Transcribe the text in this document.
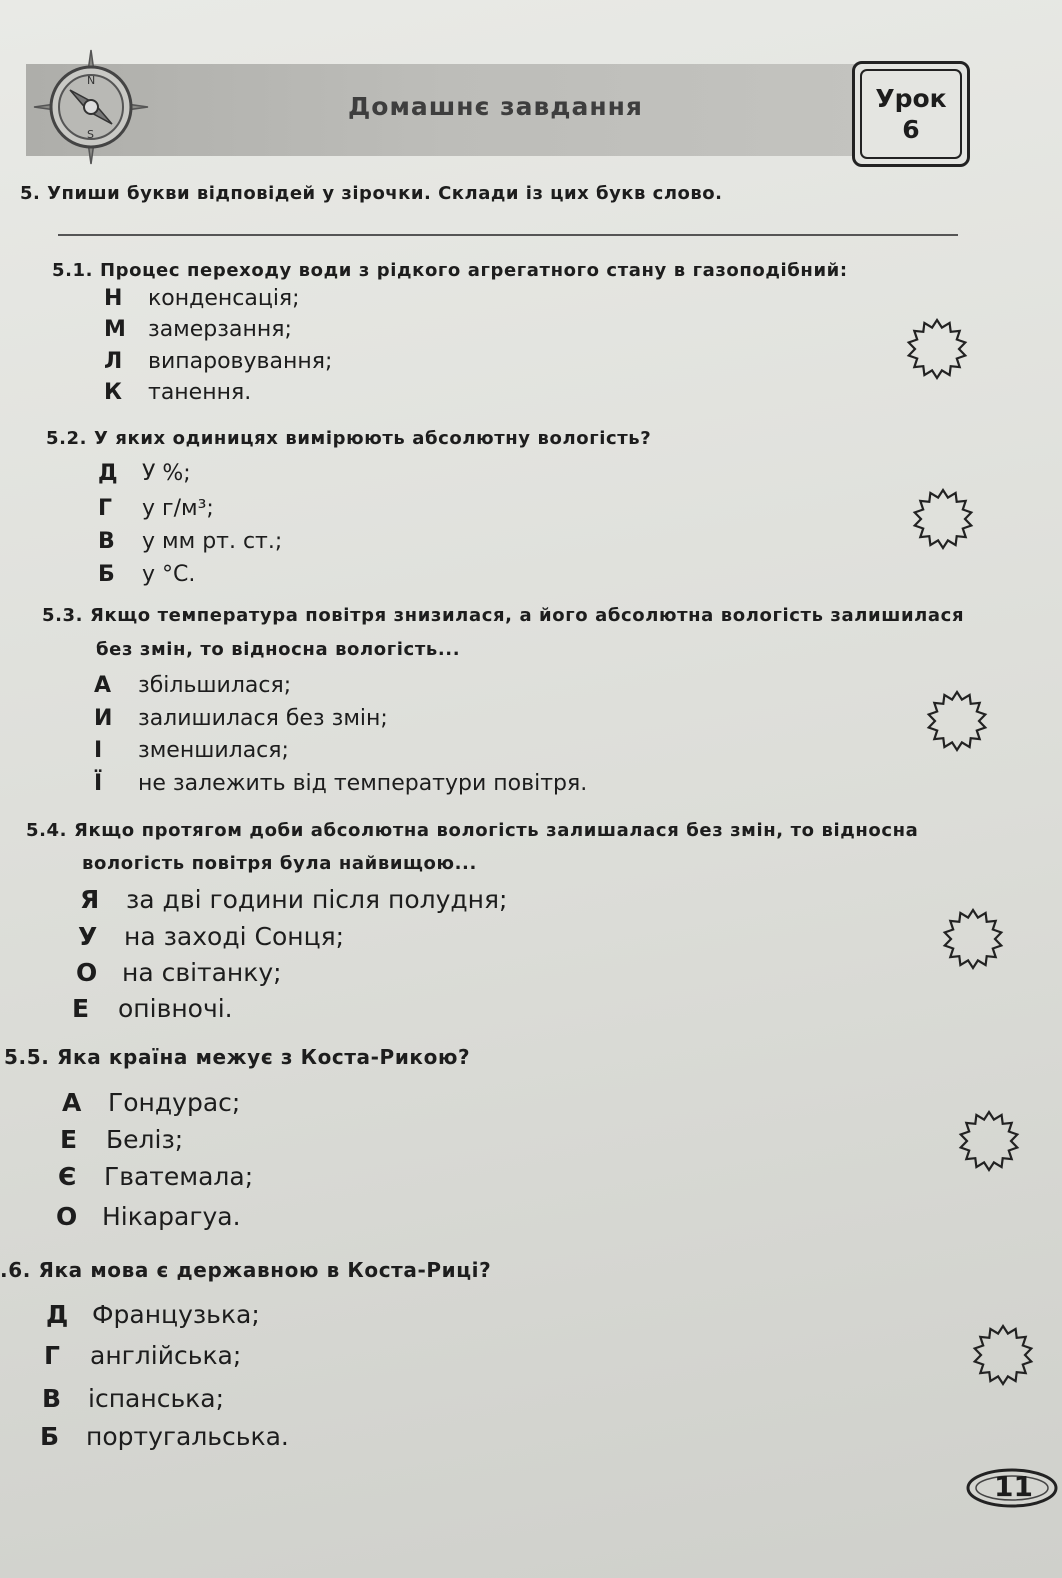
N
S
Домашнє завдання	Урок
6
5. Упиши букви відповідей у зірочки. Склади із цих букв слово.
5.1. Процес переходу води з рідкого агрегатного стану в газоподібний:
Н конденсація;
М замерзання;
Л випаровування;
К танення.
5.2. У яких одиницях вимірюють абсолютну вологість?
Д У %;
Г у г/м³;
В у мм рт. ст.;
Б у °С.
5.3. Якщо температура повітря знизилася, а його абсолютна вологість залишилася
без змін, то відносна вологість...
А збільшилася;
И залишилася без змін;
І зменшилася;
Ї не залежить від температури повітря.
5.4. Якщо протягом доби абсолютна вологість залишалася без змін, то відносна
вологість повітря була найвищою...
Я за дві години після полудня;
У на заході Сонця;
О на світанку;
Е опівночі.
5.5. Яка країна межує з Коста-Рикою?
А Гондурас;
Е Беліз;
Є Гватемала;
О Нікарагуа.
.6. Яка мова є державною в Коста-Риці?
Д Французька;
Г англійська;
В іспанська;
Б португальська.
11
